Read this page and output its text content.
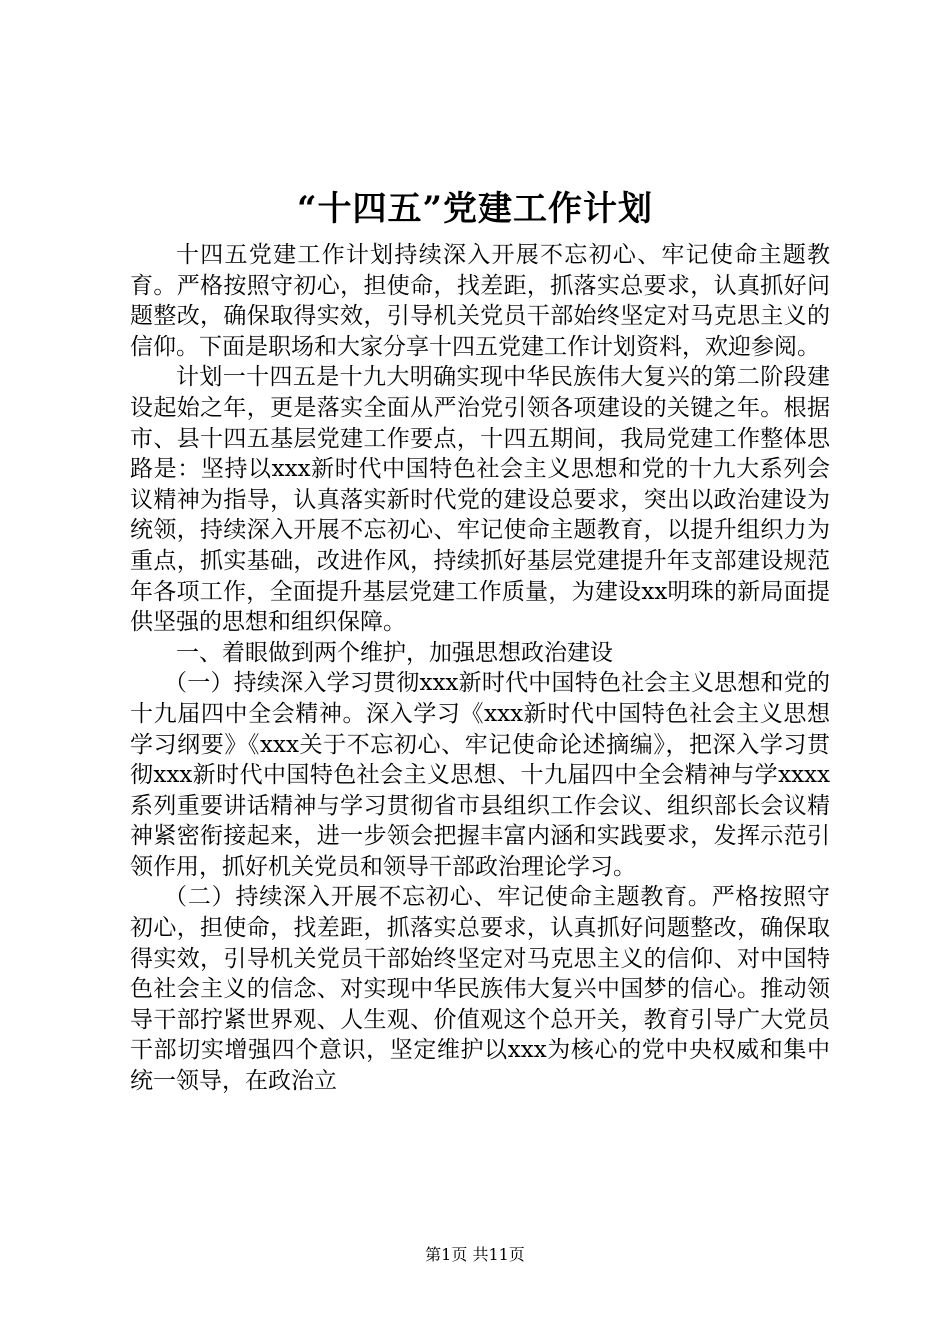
“十四五”党建工作计划

十四五党建工作计划持续深入开展不忘初心、牢记使命主题教育。严格按照守初心，担使命，找差距，抓落实总要求，认真抓好问题整改，确保取得实效，引导机关党员干部始终坚定对马克思主义的信仰。下面是职场和大家分享十四五党建工作计划资料，欢迎参阅。

计划一十四五是十九大明确实现中华民族伟大复兴的第二阶段建设起始之年，更是落实全面从严治党引领各项建设的关键之年。根据市、县十四五基层党建工作要点，十四五期间，我局党建工作整体思路是：坚持以xxx新时代中国特色社会主义思想和党的十九大系列会议精神为指导，认真落实新时代党的建设总要求，突出以政治建设为统领，持续深入开展不忘初心、牢记使命主题教育，以提升组织力为重点，抓实基础，改进作风，持续抓好基层党建提升年支部建设规范年各项工作，全面提升基层党建工作质量，为建设xx明珠的新局面提供坚强的思想和组织保障。

一、着眼做到两个维护，加强思想政治建设

（一）持续深入学习贯彻xxx新时代中国特色社会主义思想和党的十九届四中全会精神。深入学习《xxx新时代中国特色社会主义思想学习纲要》《xxx关于不忘初心、牢记使命论述摘编》，把深入学习贯彻xxx新时代中国特色社会主义思想、十九届四中全会精神与学xxxx系列重要讲话精神与学习贯彻省市县组织工作会议、组织部长会议精神紧密衔接起来，进一步领会把握丰富内涵和实践要求，发挥示范引领作用，抓好机关党员和领导干部政治理论学习。

（二）持续深入开展不忘初心、牢记使命主题教育。严格按照守初心，担使命，找差距，抓落实总要求，认真抓好问题整改，确保取得实效，引导机关党员干部始终坚定对马克思主义的信仰、对中国特色社会主义的信念、对实现中华民族伟大复兴中国梦的信心。推动领导干部拧紧世界观、人生观、价值观这个总开关，教育引导广大党员干部切实增强四个意识，坚定维护以xxx为核心的党中央权威和集中统一领导，在政治立

第1页 共11页
